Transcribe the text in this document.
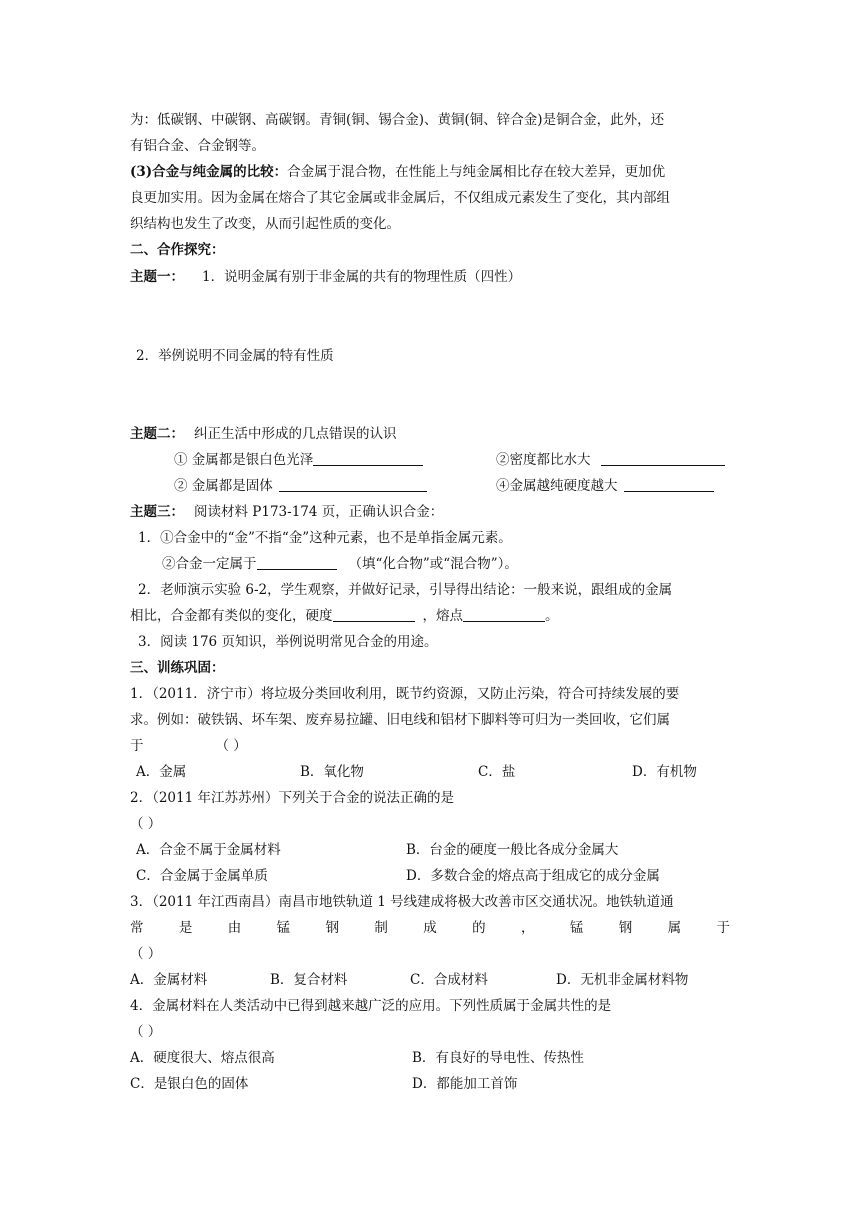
为：低碳钢、中碳钢、高碳钢。青铜(铜、锡合金)、黄铜(铜、锌合金)是铜合金，此外，还
有铝合金、合金钢等。
(3)合金与纯金属的比较：合金属于混合物，在性能上与纯金属相比存在较大差异，更加优
良更加实用。因为金属在熔合了其它金属或非金属后，不仅组成元素发生了变化，其内部组
织结构也发生了改变，从而引起性质的变化。
二、合作探究：
主题一： 1．说明金属有别于非金属的共有的物理性质（四性）
2．举例说明不同金属的特有性质
主题二： 纠正生活中形成的几点错误的认识
① 金属都是银白色光泽	②密度都比水大
② 金属都是固体	④金属越纯硬度越大
主题三： 阅读材料 P173-174 页，正确认识合金：
1．①合金中的“金”不指“金”这种元素，也不是单指金属元素。
②合金一定属于	（填“化合物”或“混合物”）。
2．老师演示实验 6-2，学生观察，并做好记录，引导得出结论：一般来说，跟组成的金属
相比，合金都有类似的变化，硬度	，熔点	。
3．阅读 176 页知识，举例说明常见合金的用途。
三、训练巩固：
1．（2011．济宁市）将垃圾分类回收利用，既节约资源，又防止污染，符合可持续发展的要
求。例如：破铁锅、坏车架、废弃易拉罐、旧电线和铝材下脚料等可归为一类回收，它们属
于	（ ）
A．金属	B．氧化物	C．盐	D．有机物
2．（2011 年江苏苏州）下列关于合金的说法正确的是
（ ）
A．合金不属于金属材料	B．台金的硬度一般比各成分金属大
C．合金属于金属单质	D．多数合金的熔点高于组成它的成分金属
3．（2011 年江西南昌）南昌市地铁轨道 1 号线建成将极大改善市区交通状况。地铁轨道通
常	是	由	锰	钢	制	成	的	，	锰	钢	属	于
（ ）
A．金属材料	B．复合材料	C．合成材料	D．无机非金属材料物
4．金属材料在人类活动中已得到越来越广泛的应用。下列性质属于金属共性的是
（ ）
A．硬度很大、熔点很高	B．有良好的导电性、传热性
C．是银白色的固体	D．都能加工首饰
